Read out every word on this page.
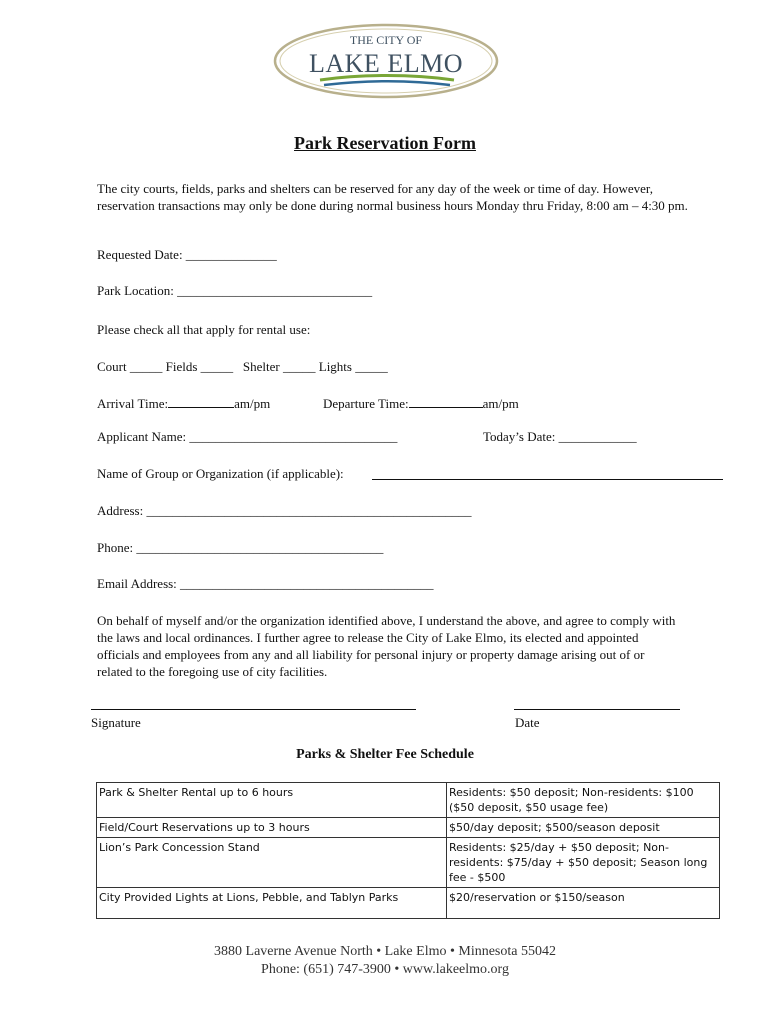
THE CITY OF
LAKE ELMO
Park Reservation Form
The city courts, fields, parks and shelters can be reserved for any day of the week or time of day. However, reservation transactions may only be done during normal business hours Monday thru Friday, 8:00 am – 4:30 pm.
Requested Date: ______________
Park Location: ______________________________
Please check all that apply for rental use:
Court _____ Fields _____ Shelter _____ Lights _____
Arrival Time:	am/pm	Departure Time:	am/pm
Applicant Name: ________________________________	Today’s Date: ____________
Name of Group or Organization (if applicable):
Address: __________________________________________________
Phone: ______________________________________
Email Address: _______________________________________
On behalf of myself and/or the organization identified above, I understand the above, and agree to comply with the laws and local ordinances. I further agree to release the City of Lake Elmo, its elected and appointed officials and employees from any and all liability for personal injury or property damage arising out of or related to the foregoing use of city facilities.
Signature	Date
Parks & Shelter Fee Schedule
Park & Shelter Rental up to 6 hours	Residents: $50 deposit; Non-residents: $100 ($50 deposit, $50 usage fee)
Field/Court Reservations up to 3 hours	$50/day deposit; $500/season deposit
Lion’s Park Concession Stand	Residents: $25/day + $50 deposit; Non-residents: $75/day + $50 deposit; Season long fee - $500
City Provided Lights at Lions, Pebble, and Tablyn Parks	$20/reservation or $150/season
3880 Laverne Avenue North • Lake Elmo • Minnesota 55042
Phone: (651) 747-3900 • www.lakeelmo.org
